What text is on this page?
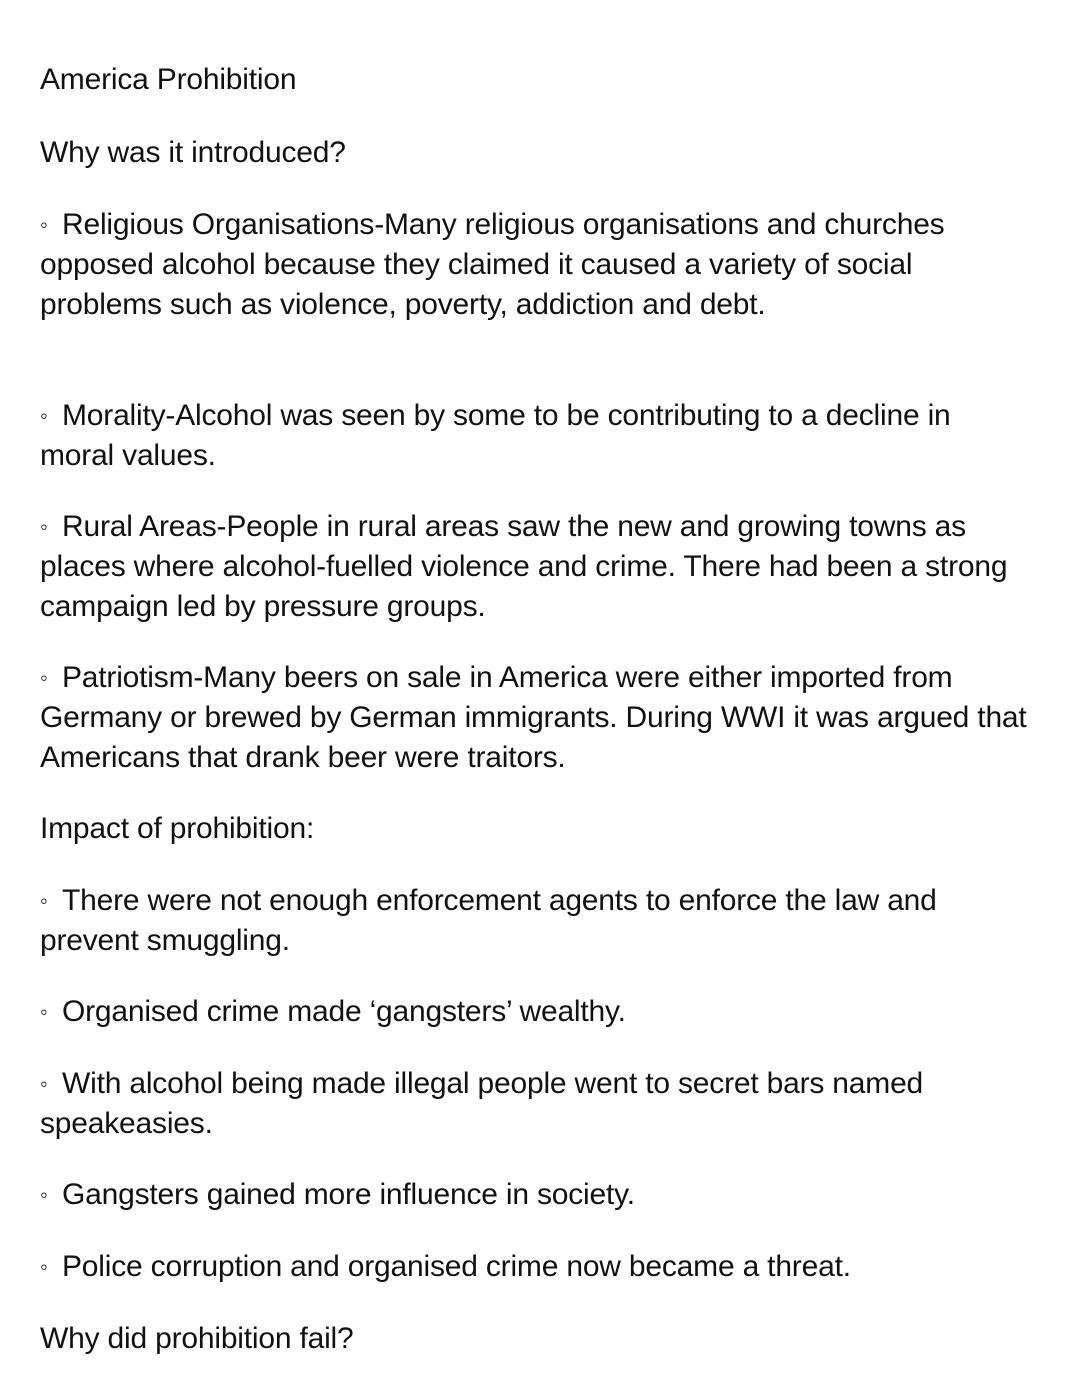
America Prohibition
Why was it introduced?
◦ Religious Organisations-Many religious organisations and churches opposed alcohol because they claimed it caused a variety of social problems such as violence, poverty, addiction and debt.
◦ Morality-Alcohol was seen by some to be contributing to a decline in moral values.
◦ Rural Areas-People in rural areas saw the new and growing towns as places where alcohol-fuelled violence and crime. There had been a strong campaign led by pressure groups.
◦ Patriotism-Many beers on sale in America were either imported from Germany or brewed by German immigrants. During WWI it was argued that Americans that drank beer were traitors.
Impact of prohibition:
◦ There were not enough enforcement agents to enforce the law and prevent smuggling.
◦ Organised crime made ‘gangsters’ wealthy.
◦ With alcohol being made illegal people went to secret bars named speakeasies.
◦ Gangsters gained more influence in society.
◦ Police corruption and organised crime now became a threat.
Why did prohibition fail?
